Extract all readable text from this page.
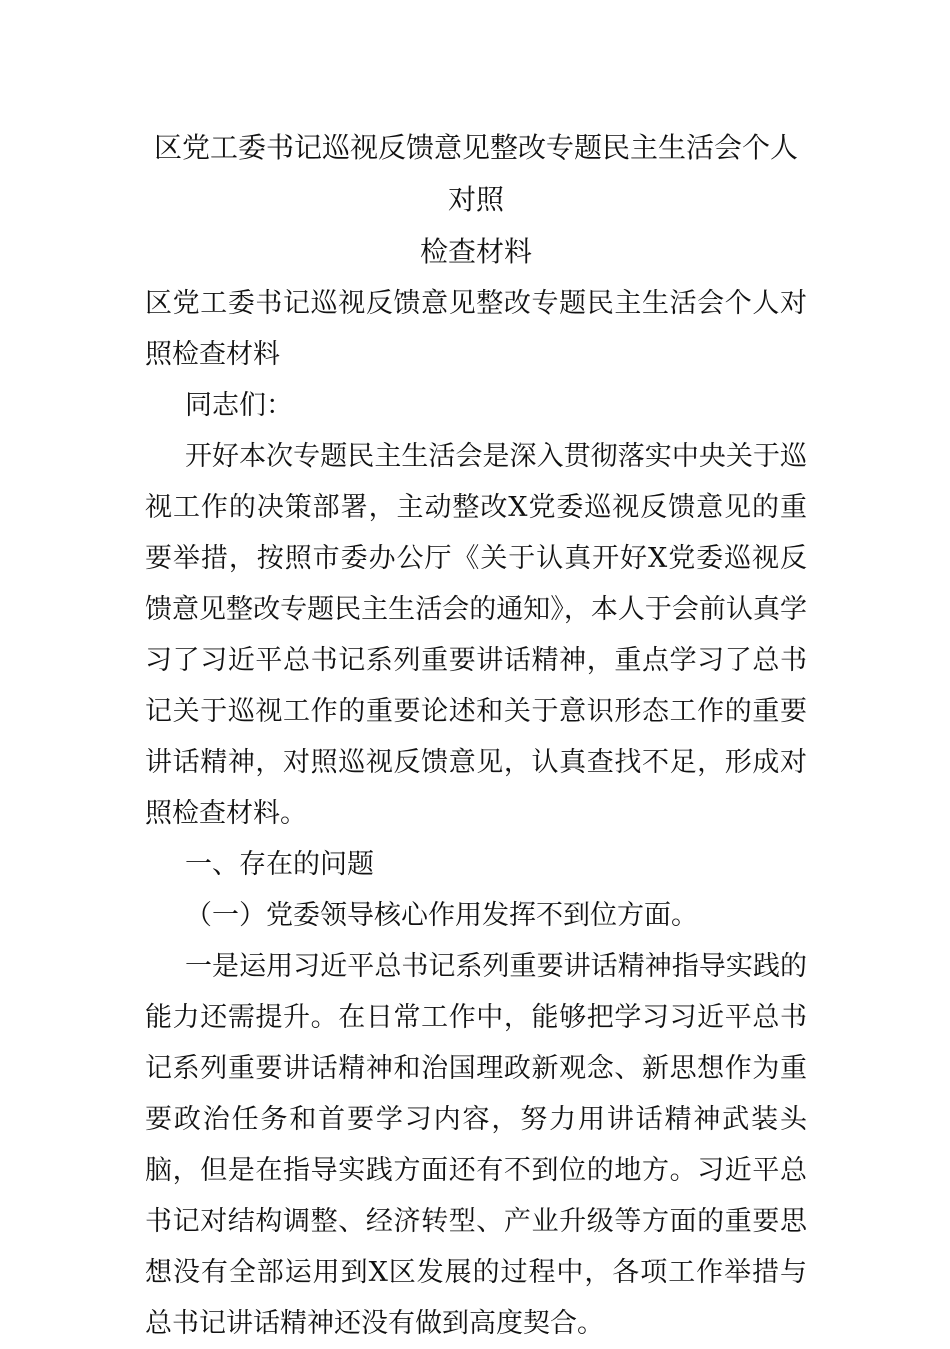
区党工委书记巡视反馈意见整改专题民主生活会个人对照
检查材料

区党工委书记巡视反馈意见整改专题民主生活会个人对照检查材料

同志们：

开好本次专题民主生活会是深入贯彻落实中央关于巡视工作的决策部署，主动整改X党委巡视反馈意见的重要举措，按照市委办公厅《关于认真开好X党委巡视反馈意见整改专题民主生活会的通知》，本人于会前认真学习了习近平总书记系列重要讲话精神，重点学习了总书记关于巡视工作的重要论述和关于意识形态工作的重要讲话精神，对照巡视反馈意见，认真查找不足，形成对照检查材料。

一、存在的问题

（一）党委领导核心作用发挥不到位方面。

一是运用习近平总书记系列重要讲话精神指导实践的能力还需提升。在日常工作中，能够把学习习近平总书记系列重要讲话精神和治国理政新观念、新思想作为重要政治任务和首要学习内容，努力用讲话精神武装头脑，但是在指导实践方面还有不到位的地方。习近平总书记对结构调整、经济转型、产业升级等方面的重要思想没有全部运用到X区发展的过程中，各项工作举措与总书记讲话精神还没有做到高度契合。
